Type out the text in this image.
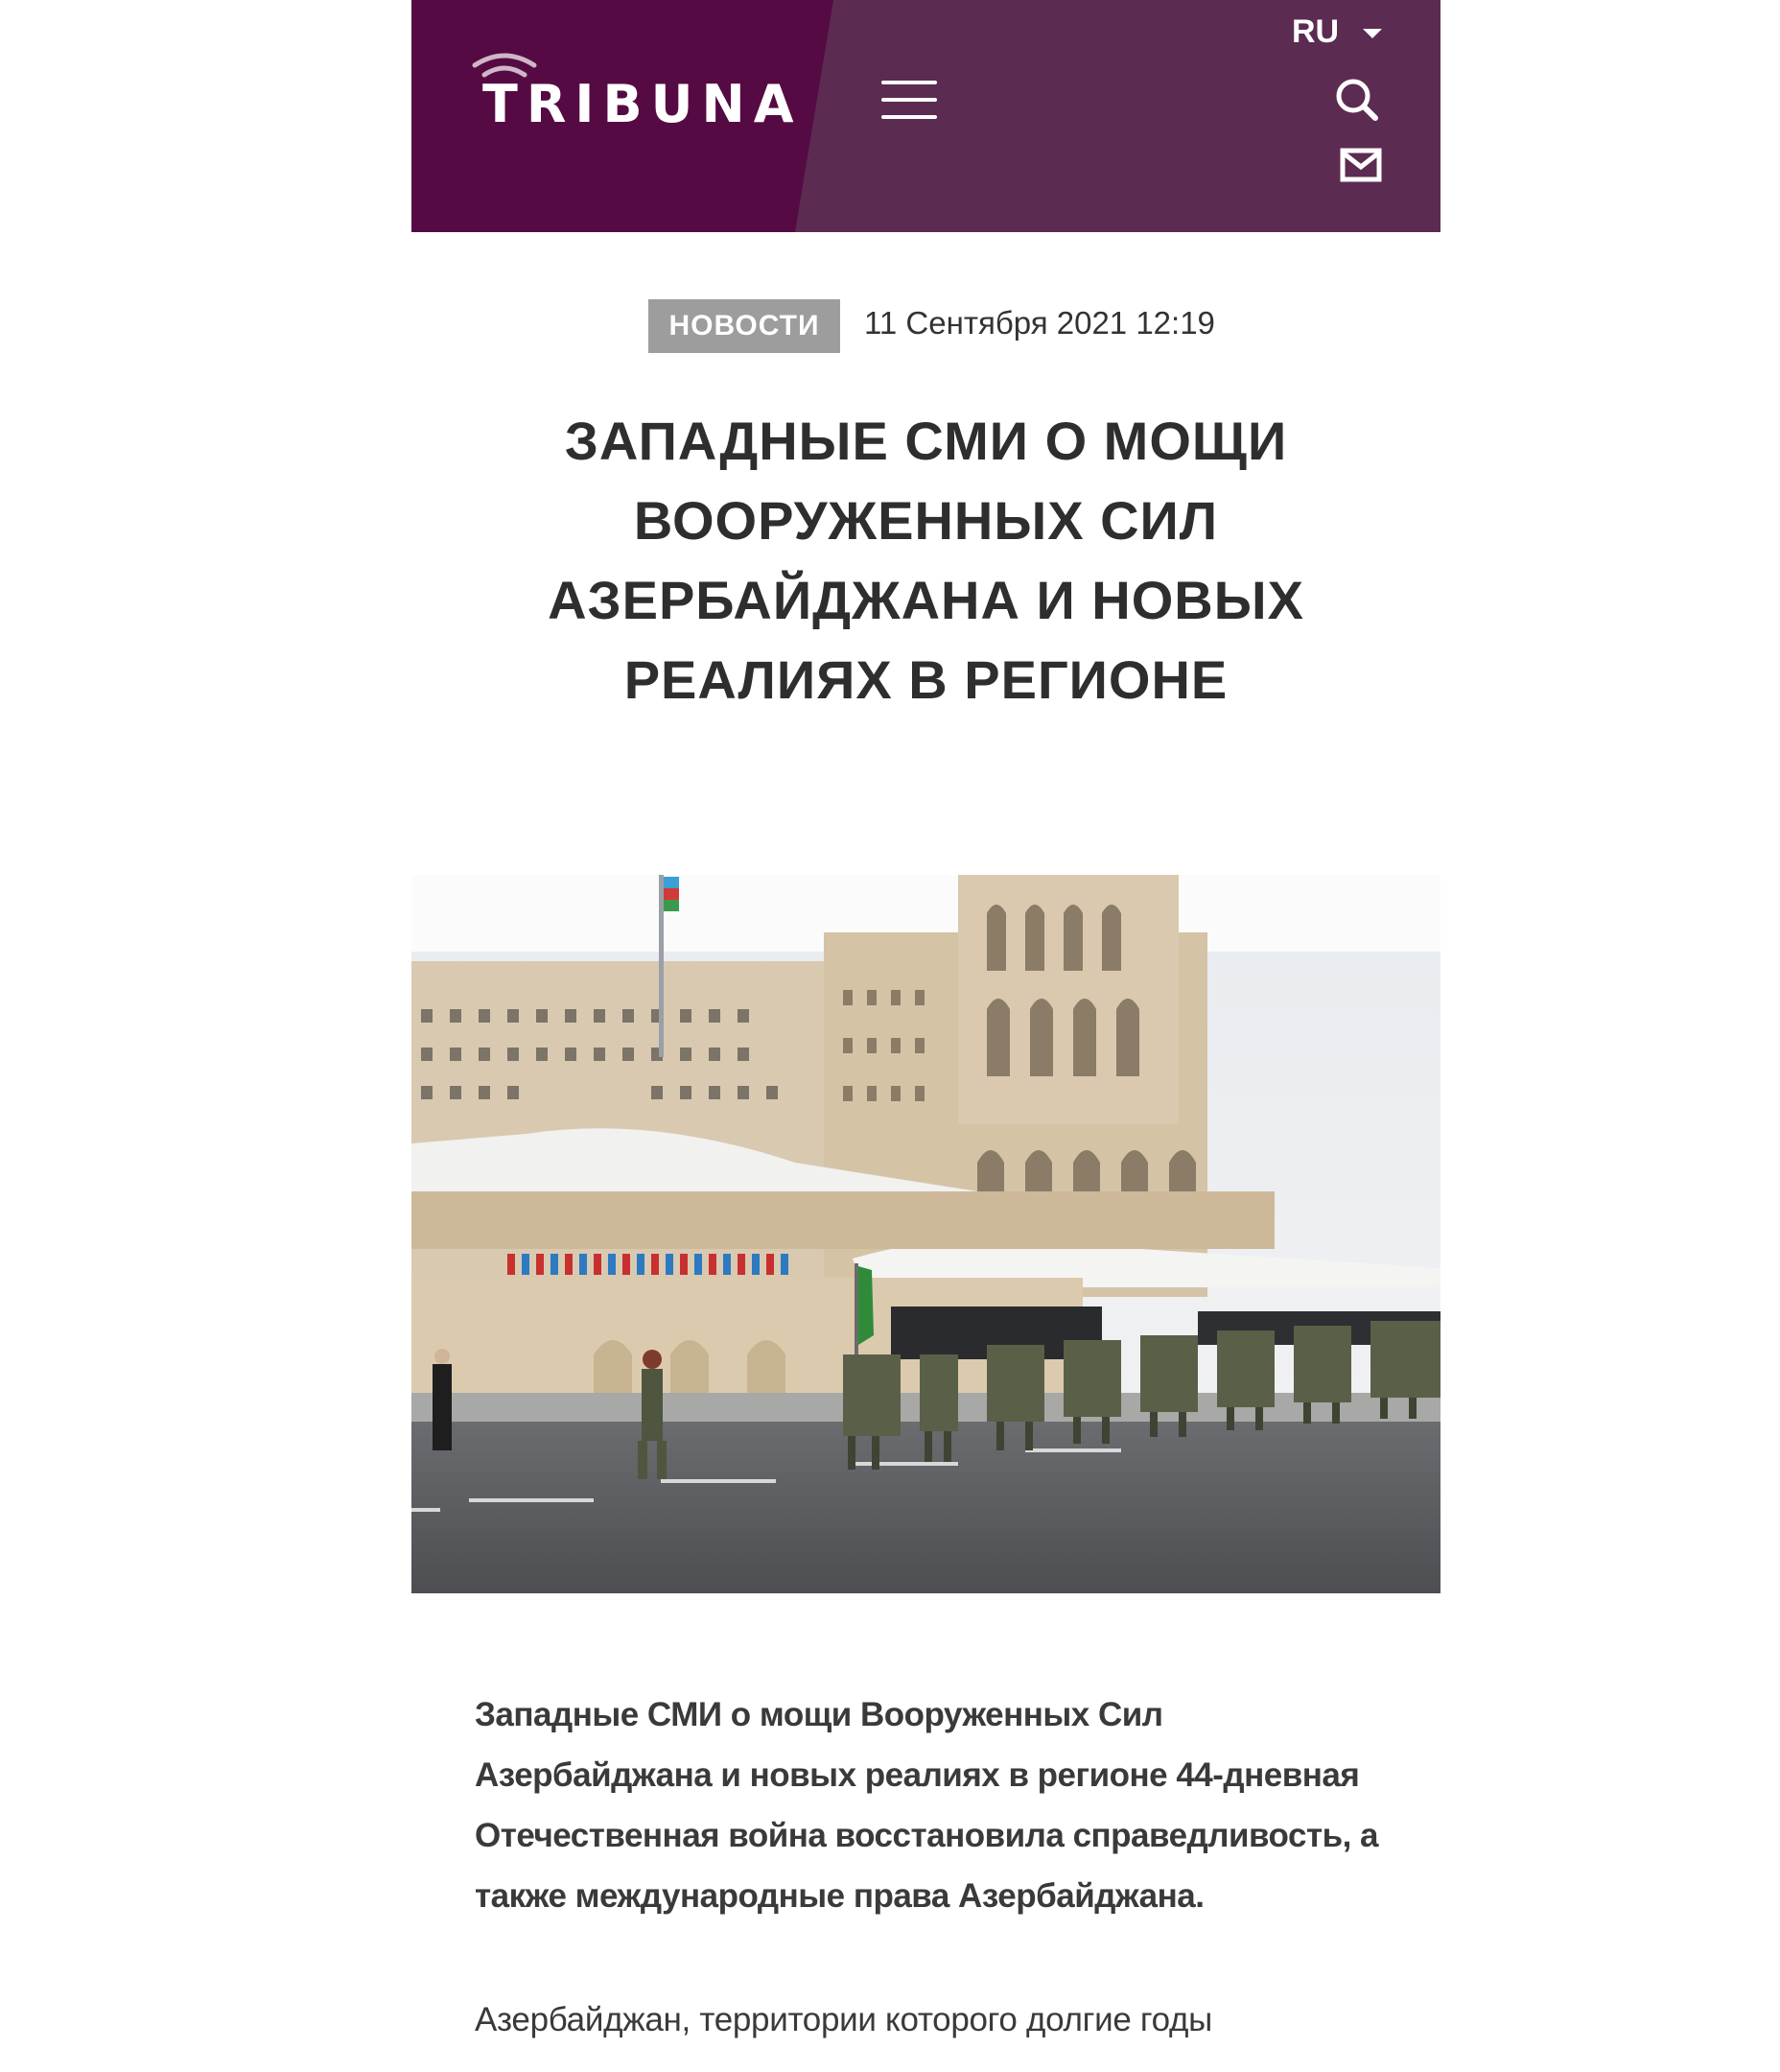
TRIBUNA
RU
НОВОСТИ	11 Сентября 2021 12:19
ЗАПАДНЫЕ СМИ О МОЩИ ВООРУЖЕННЫХ СИЛ АЗЕРБАЙДЖАНА И НОВЫХ РЕАЛИЯХ В РЕГИОНЕ

Западные СМИ о мощи Вооруженных Сил Азербайджана и новых реалиях в регионе 44-дневная Отечественная война восстановила справедливость, а также международные права Азербайджана.

Азербайджан, территории которого долгие годы
